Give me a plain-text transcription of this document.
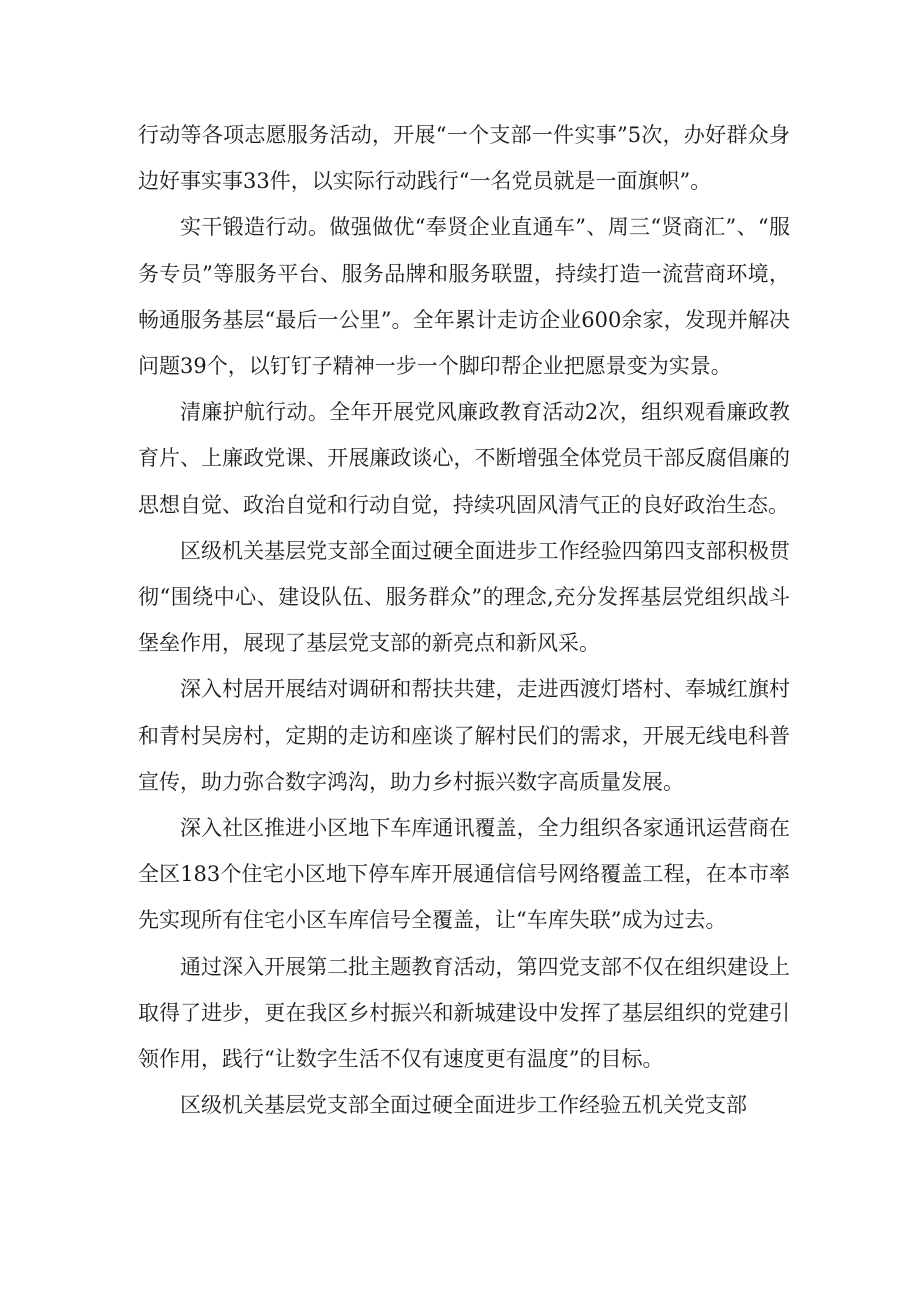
行动等各项志愿服务活动，开展“一个支部一件实事”5次，办好群众身边好事实事33件，以实际行动践行“一名党员就是一面旗帜”。

实干锻造行动。做强做优“奉贤企业直通车”、周三“贤商汇”、“服务专员”等服务平台、服务品牌和服务联盟，持续打造一流营商环境，畅通服务基层“最后一公里”。全年累计走访企业600余家，发现并解决问题39个，以钉钉子精神一步一个脚印帮企业把愿景变为实景。

清廉护航行动。全年开展党风廉政教育活动2次，组织观看廉政教育片、上廉政党课、开展廉政谈心，不断增强全体党员干部反腐倡廉的思想自觉、政治自觉和行动自觉，持续巩固风清气正的良好政治生态。

区级机关基层党支部全面过硬全面进步工作经验四第四支部积极贯彻“围绕中心、建设队伍、服务群众”的理念,充分发挥基层党组织战斗堡垒作用，展现了基层党支部的新亮点和新风采。

深入村居开展结对调研和帮扶共建，走进西渡灯塔村、奉城红旗村和青村吴房村，定期的走访和座谈了解村民们的需求，开展无线电科普宣传，助力弥合数字鸿沟，助力乡村振兴数字高质量发展。

深入社区推进小区地下车库通讯覆盖，全力组织各家通讯运营商在全区183个住宅小区地下停车库开展通信信号网络覆盖工程，在本市率先实现所有住宅小区车库信号全覆盖，让“车库失联”成为过去。

通过深入开展第二批主题教育活动，第四党支部不仅在组织建设上取得了进步，更在我区乡村振兴和新城建设中发挥了基层组织的党建引领作用，践行“让数字生活不仅有速度更有温度”的目标。

区级机关基层党支部全面过硬全面进步工作经验五机关党支部
